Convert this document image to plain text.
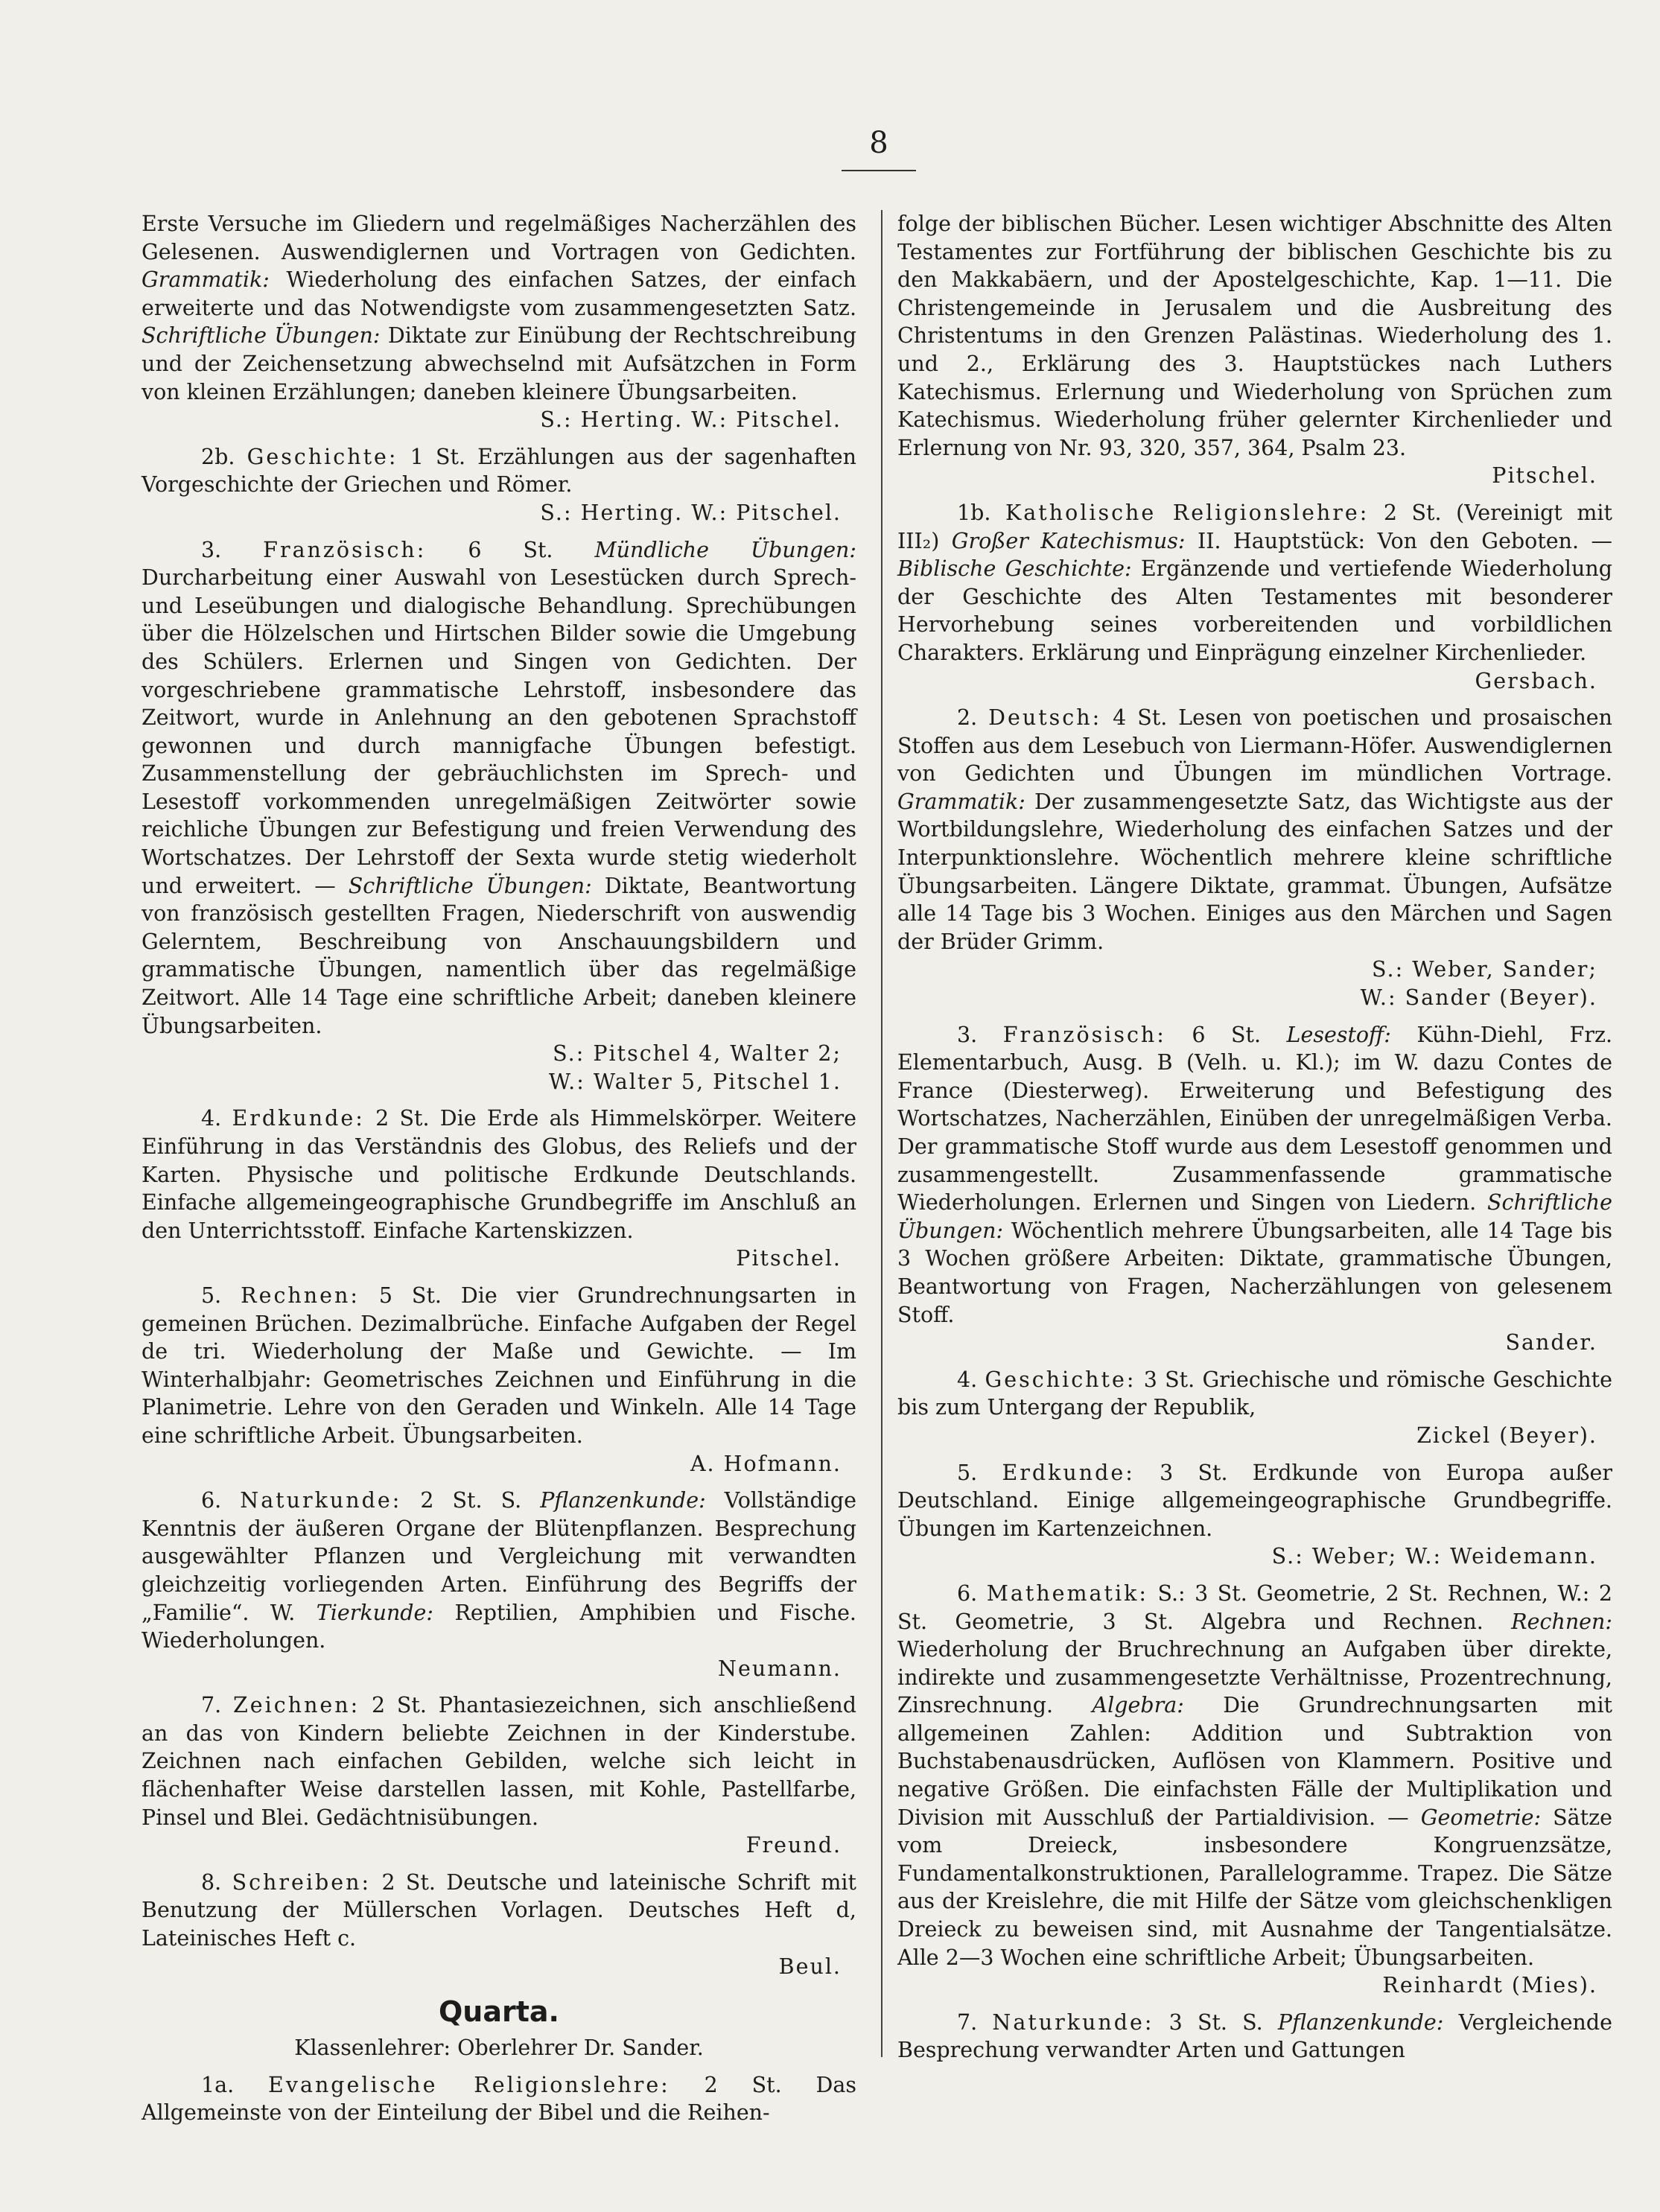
8

Erste Versuche im Gliedern und regelmäßiges Nacherzählen des Gelesenen. Auswendiglernen und Vortragen von Gedichten. Grammatik: Wiederholung des einfachen Satzes, der einfach erweiterte und das Notwendigste vom zusammengesetzten Satz. Schriftliche Übungen: Diktate zur Einübung der Rechtschreibung und der Zeichensetzung abwechselnd mit Aufsätzchen in Form von kleinen Erzählungen; daneben kleinere Übungsarbeiten.
S.: Herting. W.: Pitschel.

2b. Geschichte: 1 St. Erzählungen aus der sagenhaften Vorgeschichte der Griechen und Römer.
S.: Herting. W.: Pitschel.

3. Französisch: 6 St. Mündliche Übungen: Durcharbeitung einer Auswahl von Lesestücken durch Sprech- und Leseübungen und dialogische Behandlung. Sprechübungen über die Hölzelschen und Hirtschen Bilder sowie die Umgebung des Schülers. Erlernen und Singen von Gedichten. Der vorgeschriebene grammatische Lehrstoff, insbesondere das Zeitwort, wurde in Anlehnung an den gebotenen Sprachstoff gewonnen und durch mannigfache Übungen befestigt. Zusammenstellung der gebräuchlichsten im Sprech- und Lesestoff vorkommenden unregelmäßigen Zeitwörter sowie reichliche Übungen zur Befestigung und freien Verwendung des Wortschatzes. Der Lehrstoff der Sexta wurde stetig wiederholt und erweitert. — Schriftliche Übungen: Diktate, Beantwortung von französisch gestellten Fragen, Niederschrift von auswendig Gelerntem, Beschreibung von Anschauungsbildern und grammatische Übungen, namentlich über das regelmäßige Zeitwort. Alle 14 Tage eine schriftliche Arbeit; daneben kleinere Übungsarbeiten.
S.: Pitschel 4, Walter 2;
W.: Walter 5, Pitschel 1.

4. Erdkunde: 2 St. Die Erde als Himmelskörper. Weitere Einführung in das Verständnis des Globus, des Reliefs und der Karten. Physische und politische Erdkunde Deutschlands. Einfache allgemeingeographische Grundbegriffe im Anschluß an den Unterrichtsstoff. Einfache Kartenskizzen.
Pitschel.

5. Rechnen: 5 St. Die vier Grundrechnungsarten in gemeinen Brüchen. Dezimalbrüche. Einfache Aufgaben der Regel de tri. Wiederholung der Maße und Gewichte. — Im Winterhalbjahr: Geometrisches Zeichnen und Einführung in die Planimetrie. Lehre von den Geraden und Winkeln. Alle 14 Tage eine schriftliche Arbeit. Übungsarbeiten.
A. Hofmann.

6. Naturkunde: 2 St. S. Pflanzenkunde: Vollständige Kenntnis der äußeren Organe der Blütenpflanzen. Besprechung ausgewählter Pflanzen und Vergleichung mit verwandten gleichzeitig vorliegenden Arten. Einführung des Begriffs der „Familie“. W. Tierkunde: Reptilien, Amphibien und Fische. Wiederholungen.
Neumann.

7. Zeichnen: 2 St. Phantasiezeichnen, sich anschließend an das von Kindern beliebte Zeichnen in der Kinderstube. Zeichnen nach einfachen Gebilden, welche sich leicht in flächenhafter Weise darstellen lassen, mit Kohle, Pastellfarbe, Pinsel und Blei. Gedächtnisübungen.
Freund.

8. Schreiben: 2 St. Deutsche und lateinische Schrift mit Benutzung der Müllerschen Vorlagen. Deutsches Heft d, Lateinisches Heft c.
Beul.

Quarta.

Klassenlehrer: Oberlehrer Dr. Sander.

1a. Evangelische Religionslehre: 2 St. Das Allgemeinste von der Einteilung der Bibel und die Reihen-

folge der biblischen Bücher. Lesen wichtiger Abschnitte des Alten Testamentes zur Fortführung der biblischen Geschichte bis zu den Makkabäern, und der Apostelgeschichte, Kap. 1—11. Die Christengemeinde in Jerusalem und die Ausbreitung des Christentums in den Grenzen Palästinas. Wiederholung des 1. und 2., Erklärung des 3. Hauptstückes nach Luthers Katechismus. Erlernung und Wiederholung von Sprüchen zum Katechismus. Wiederholung früher gelernter Kirchenlieder und Erlernung von Nr. 93, 320, 357, 364, Psalm 23.
Pitschel.

1b. Katholische Religionslehre: 2 St. (Vereinigt mit III₂) Großer Katechismus: II. Hauptstück: Von den Geboten. — Biblische Geschichte: Ergänzende und vertiefende Wiederholung der Geschichte des Alten Testamentes mit besonderer Hervorhebung seines vorbereitenden und vorbildlichen Charakters. Erklärung und Einprägung einzelner Kirchenlieder.
Gersbach.

2. Deutsch: 4 St. Lesen von poetischen und prosaischen Stoffen aus dem Lesebuch von Liermann-Höfer. Auswendiglernen von Gedichten und Übungen im mündlichen Vortrage. Grammatik: Der zusammengesetzte Satz, das Wichtigste aus der Wortbildungslehre, Wiederholung des einfachen Satzes und der Interpunktionslehre. Wöchentlich mehrere kleine schriftliche Übungsarbeiten. Längere Diktate, grammat. Übungen, Aufsätze alle 14 Tage bis 3 Wochen. Einiges aus den Märchen und Sagen der Brüder Grimm.
S.: Weber, Sander;
W.: Sander (Beyer).

3. Französisch: 6 St. Lesestoff: Kühn-Diehl, Frz. Elementarbuch, Ausg. B (Velh. u. Kl.); im W. dazu Contes de France (Diesterweg). Erweiterung und Befestigung des Wortschatzes, Nacherzählen, Einüben der unregelmäßigen Verba. Der grammatische Stoff wurde aus dem Lesestoff genommen und zusammengestellt. Zusammenfassende grammatische Wiederholungen. Erlernen und Singen von Liedern. Schriftliche Übungen: Wöchentlich mehrere Übungsarbeiten, alle 14 Tage bis 3 Wochen größere Arbeiten: Diktate, grammatische Übungen, Beantwortung von Fragen, Nacherzählungen von gelesenem Stoff.
Sander.

4. Geschichte: 3 St. Griechische und römische Geschichte bis zum Untergang der Republik,
Zickel (Beyer).

5. Erdkunde: 3 St. Erdkunde von Europa außer Deutschland. Einige allgemeingeographische Grundbegriffe. Übungen im Kartenzeichnen.
S.: Weber; W.: Weidemann.

6. Mathematik: S.: 3 St. Geometrie, 2 St. Rechnen, W.: 2 St. Geometrie, 3 St. Algebra und Rechnen. Rechnen: Wiederholung der Bruchrechnung an Aufgaben über direkte, indirekte und zusammengesetzte Verhältnisse, Prozentrechnung, Zinsrechnung. Algebra: Die Grundrechnungsarten mit allgemeinen Zahlen: Addition und Subtraktion von Buchstabenausdrücken, Auflösen von Klammern. Positive und negative Größen. Die einfachsten Fälle der Multiplikation und Division mit Ausschluß der Partialdivision. — Geometrie: Sätze vom Dreieck, insbesondere Kongruenzsätze, Fundamentalkonstruktionen, Parallelogramme. Trapez. Die Sätze aus der Kreislehre, die mit Hilfe der Sätze vom gleichschenkligen Dreieck zu beweisen sind, mit Ausnahme der Tangentialsätze. Alle 2—3 Wochen eine schriftliche Arbeit; Übungsarbeiten.
Reinhardt (Mies).

7. Naturkunde: 3 St. S. Pflanzenkunde: Vergleichende Besprechung verwandter Arten und Gattungen
